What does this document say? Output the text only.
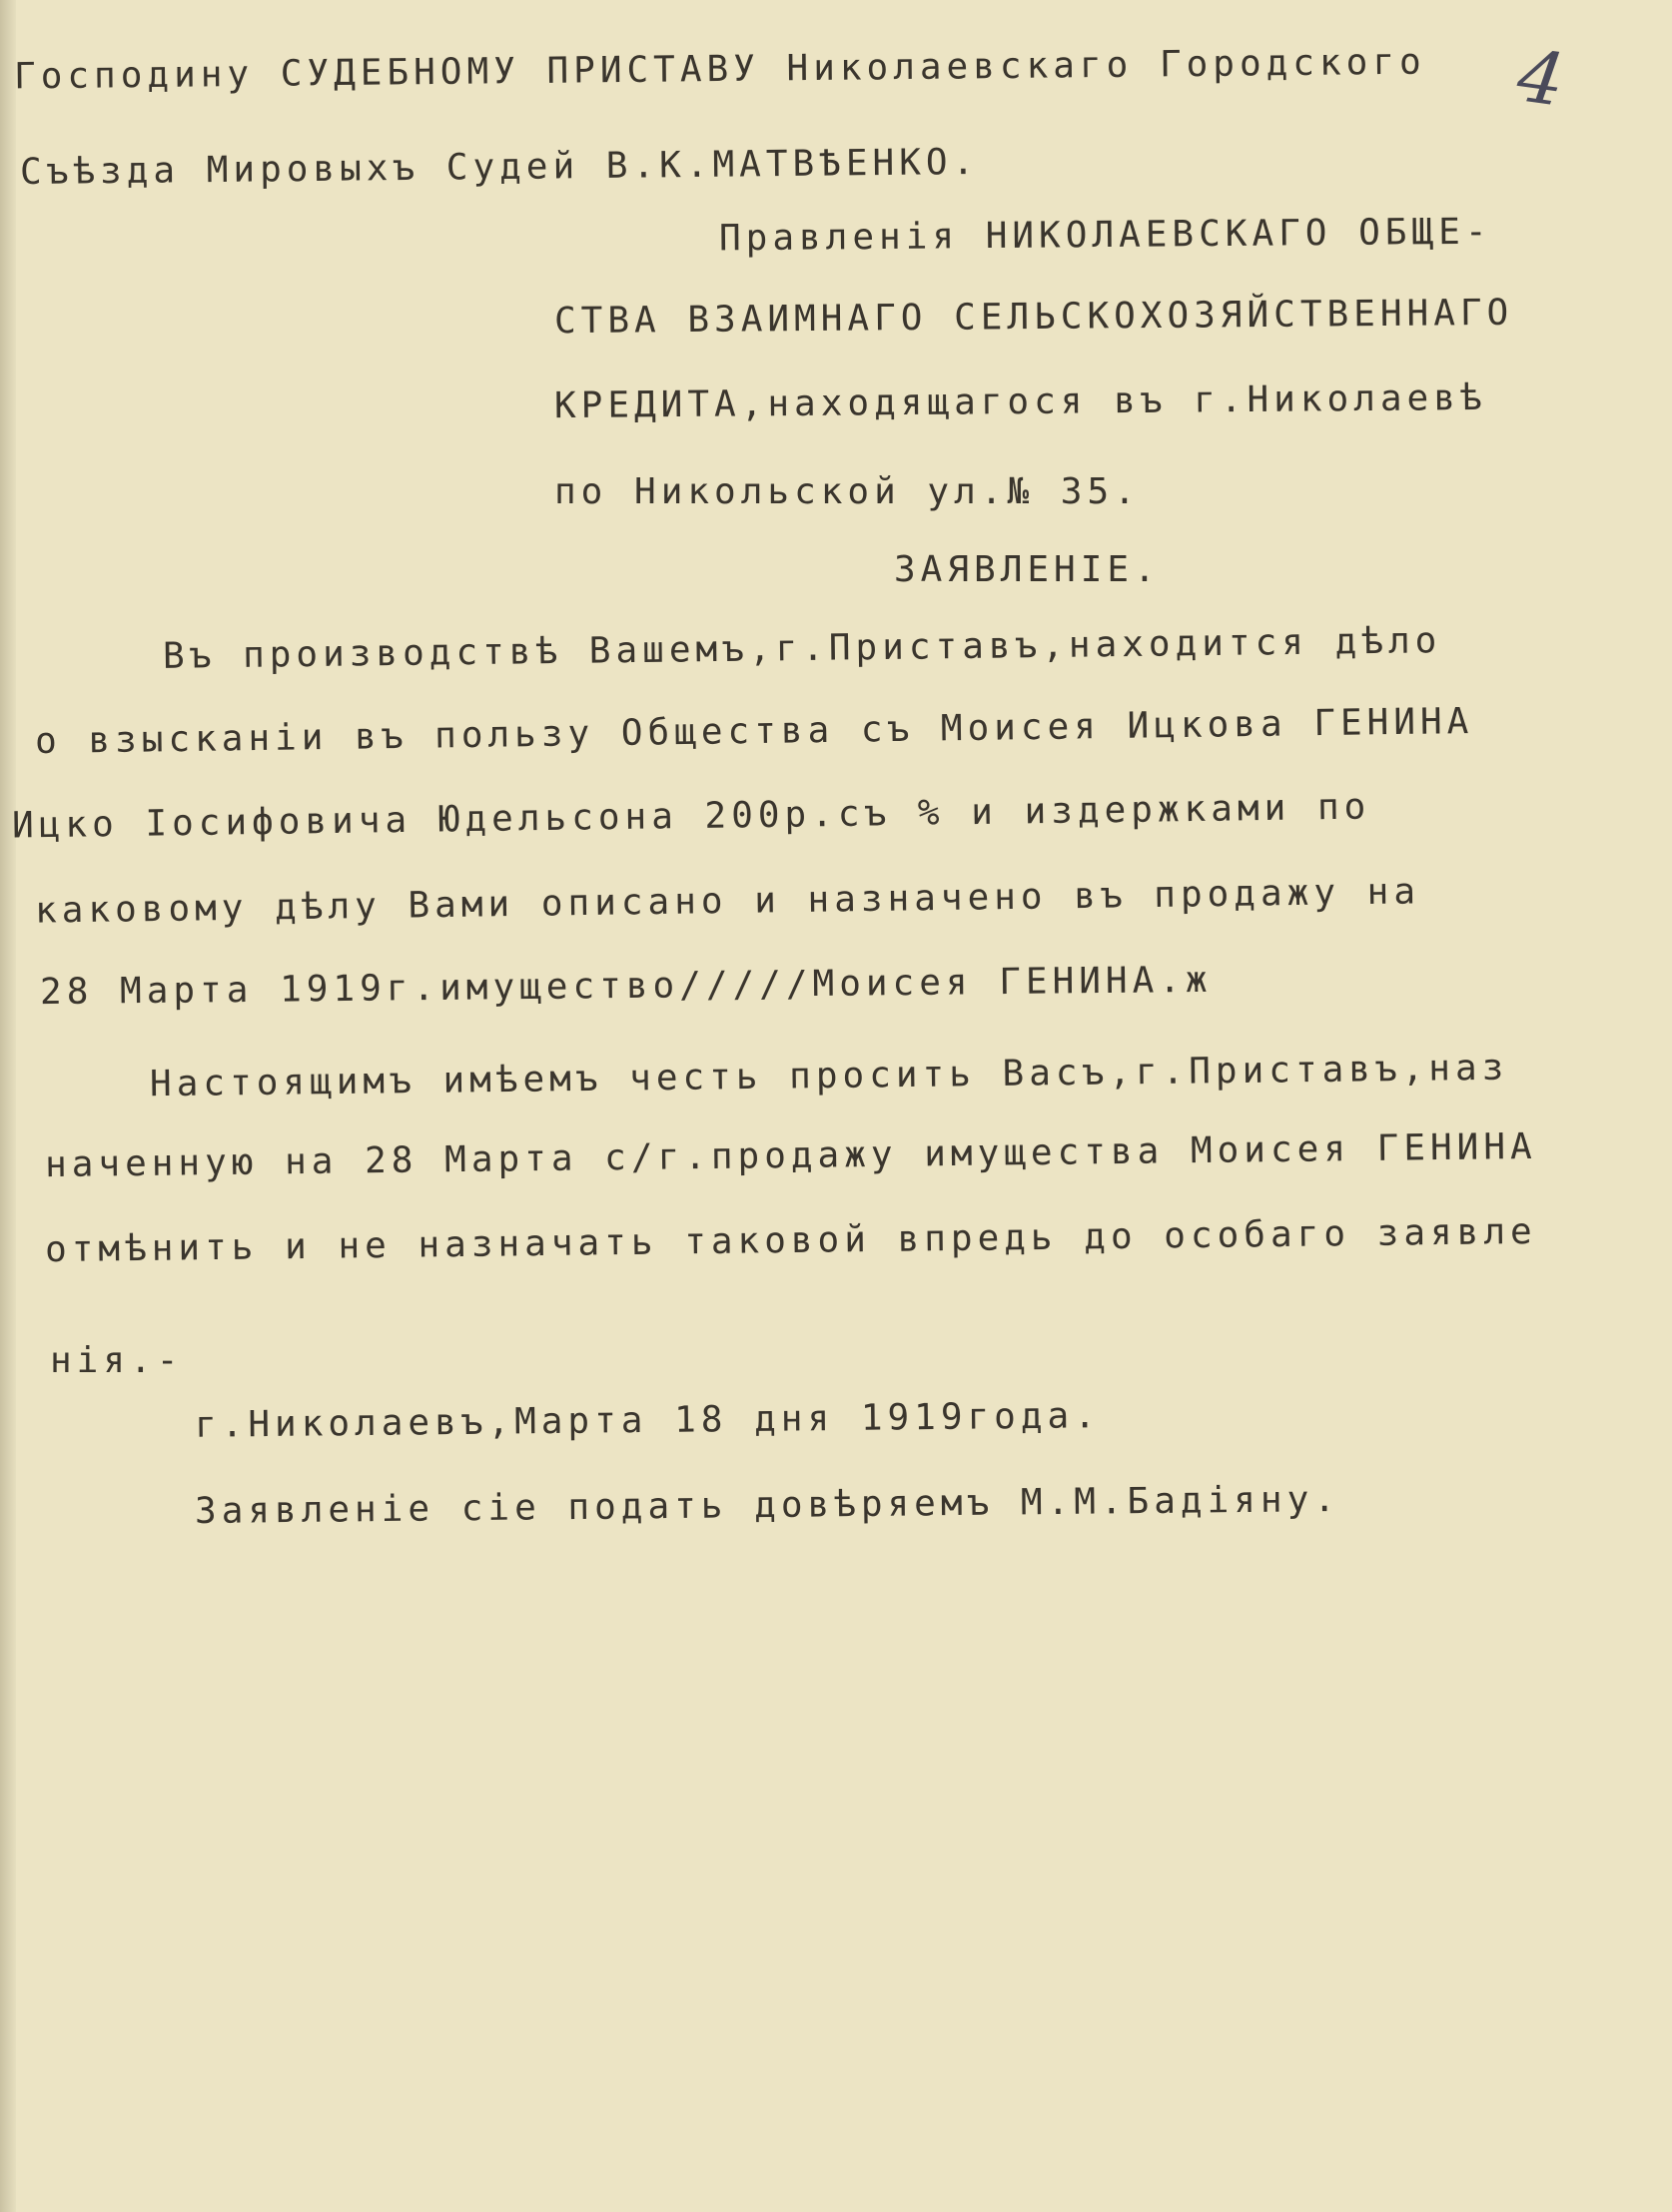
4
Господину СУДЕБНОМУ ПРИСТАВУ Николаевскаго Городского
Съѣзда Мировыхъ Судей В.К.МАТВѢЕНКО.
Правленія НИКОЛАЕВСКАГО ОБЩЕ-
СТВА ВЗАИМНАГО СЕЛЬСКОХОЗЯЙСТВЕННАГО
КРЕДИТА,находящагося въ г.Николаевѣ
по Никольской ул.№ 35.
ЗАЯВЛЕНІЕ.
Въ производствѣ Вашемъ,г.Приставъ,находится дѣло
о взысканіи въ пользу Общества съ Моисея Ицкова ГЕНИНА
Ицко Іосифовича Юдельсона 200р.съ % и издержками по
каковому дѣлу Вами описано и назначено въ продажу на
28 Марта 1919г.имущество/////Моисея ГЕНИНА.ж
Настоящимъ имѣемъ честь просить Васъ,г.Приставъ,наз
наченную на 28 Марта с/г.продажу имущества Моисея ГЕНИНА
отмѣнить и не назначать таковой впредь до особаго заявле
нія.-
г.Николаевъ,Марта 18 дня 1919года.
Заявленіе сіе подать довѣряемъ М.М.Бадіяну.
